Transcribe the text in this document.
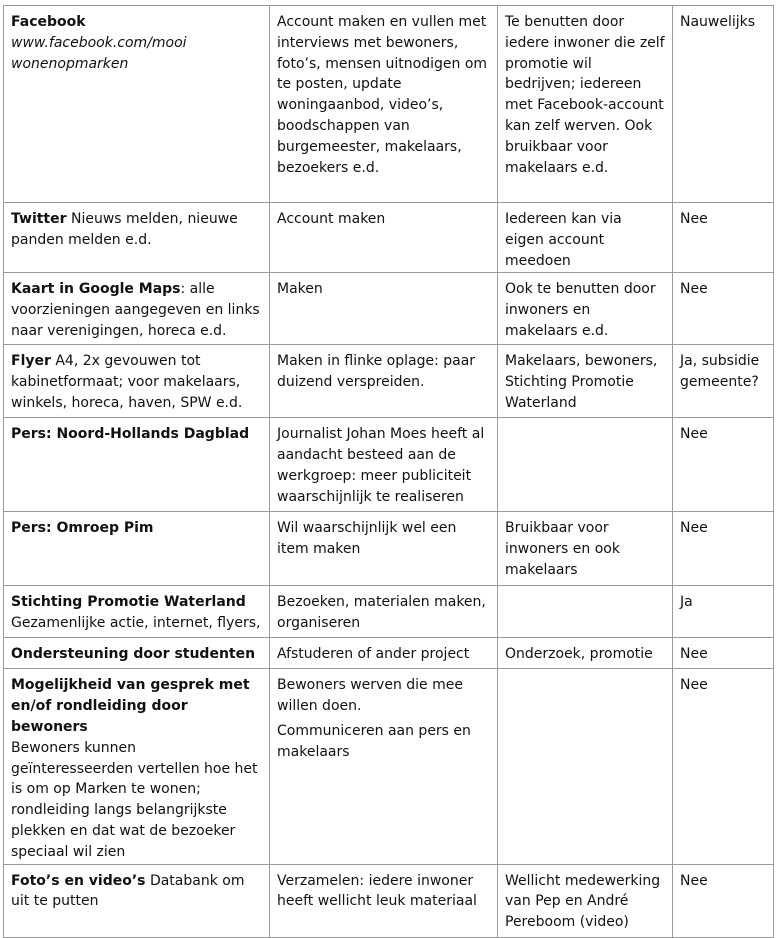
Facebook
www.facebook.com/mooi wonenopmarken	Account maken en vullen met interviews met bewoners, foto’s, mensen uitnodigen om te posten, update woningaanbod, video’s, boodschappen van burgemeester, makelaars, bezoekers e.d.	Te benutten door iedere inwoner die zelf promotie wil bedrijven; iedereen met Facebook-account kan zelf werven. Ook bruikbaar voor makelaars e.d.	Nauwelijks
Twitter Nieuws melden, nieuwe panden melden e.d.	Account maken	Iedereen kan via eigen account meedoen	Nee
Kaart in Google Maps: alle voorzieningen aangegeven en links naar verenigingen, horeca e.d.	Maken	Ook te benutten door inwoners en makelaars e.d.	Nee
Flyer A4, 2x gevouwen tot kabinetformaat; voor makelaars, winkels, horeca, haven, SPW e.d.	Maken in flinke oplage: paar duizend verspreiden.	Makelaars, bewoners, Stichting Promotie Waterland	Ja, subsidie gemeente?
Pers: Noord-Hollands Dagblad	Journalist Johan Moes heeft al aandacht besteed aan de werkgroep: meer publiciteit waarschijnlijk te realiseren		Nee
Pers: Omroep Pim	Wil waarschijnlijk wel een item maken	Bruikbaar voor inwoners en ook makelaars	Nee

Stichting Promotie Waterland
Gezamenlijke actie, internet, flyers,	Bezoeken, materialen maken, organiseren		Ja
Ondersteuning door studenten	Afstuderen of ander project	Onderzoek, promotie	Nee

Mogelijkheid van gesprek met en/of rondleiding door bewoners
Bewoners kunnen geïnteresseerden vertellen hoe het is om op Marken te wonen; rondleiding langs belangrijkste plekken en dat wat de bezoeker speciaal wil zien	Bewoners werven die mee willen doen.
Communiceren aan pers en makelaars		Nee
Foto’s en video’s Databank om uit te putten	Verzamelen: iedere inwoner heeft wellicht leuk materiaal	Wellicht medewerking van Pep en André Pereboom (video)	Nee
